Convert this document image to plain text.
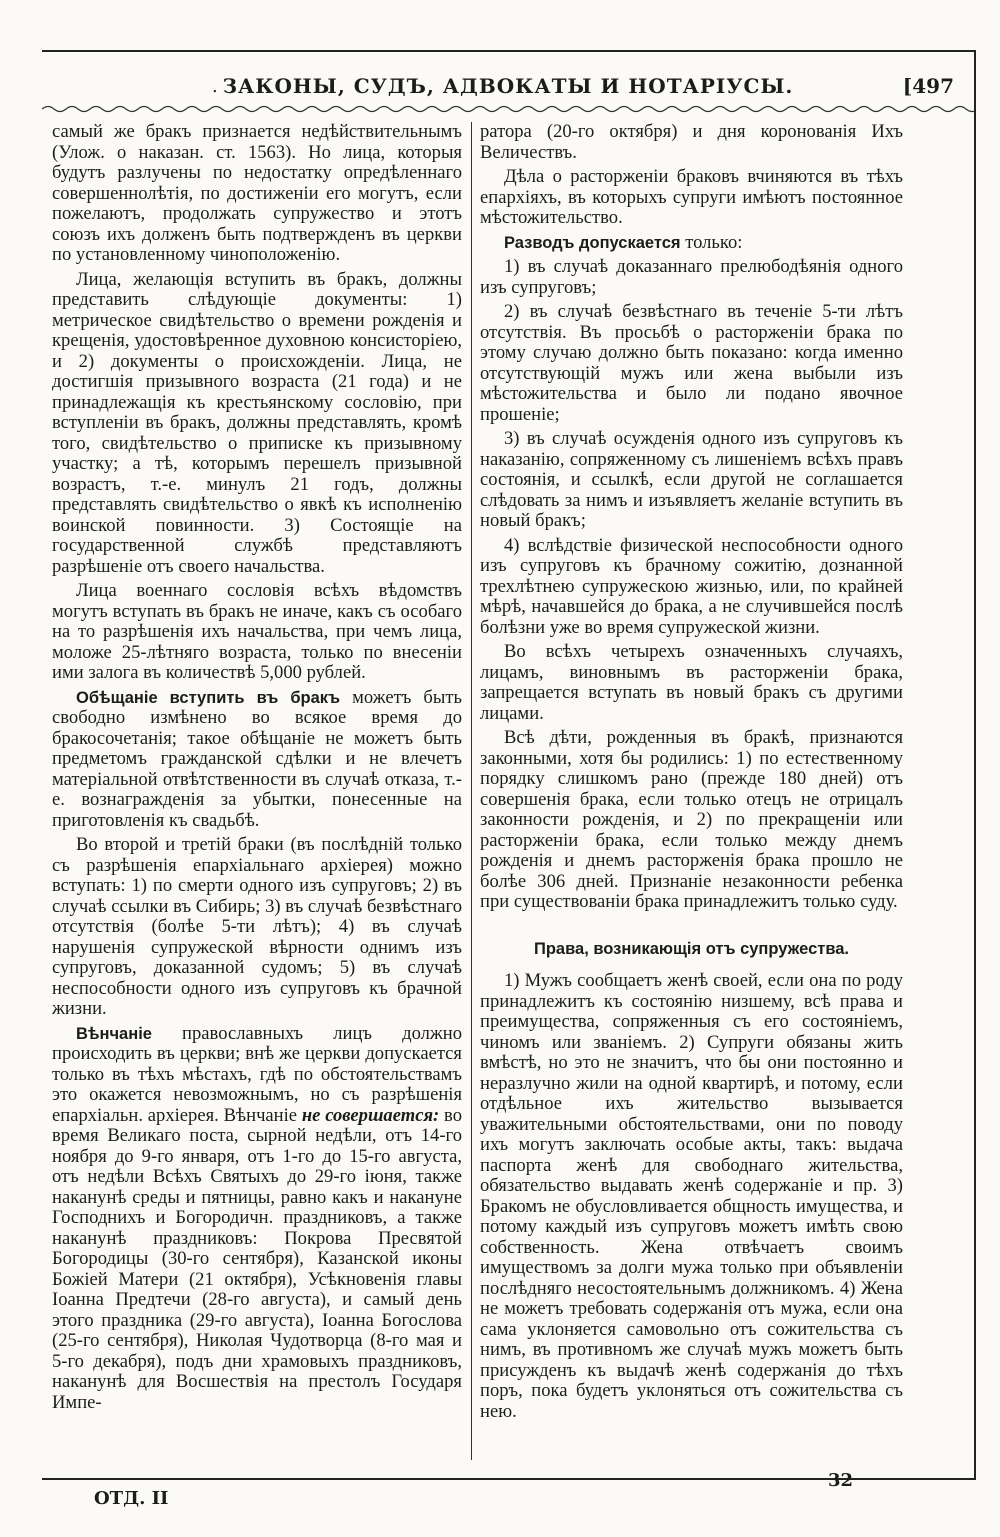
. ЗАКОНЫ, СУДЪ, АДВОКАТЫ И НОТАРІУСЫ.	[497

самый же бракъ признается недѣйствительнымъ (Улож. о наказан. ст. 1563). Но лица, которыя будутъ разлучены по недостатку опредѣленнаго совершеннолѣтія, по достиженіи его могутъ, если пожелаютъ, продолжать супружество и этотъ союзъ ихъ долженъ быть подтвержденъ въ церкви по установленному чиноположенію.

Лица, желающія вступить въ бракъ, должны представить слѣдующіе документы: 1) метрическое свидѣтельство о времени рожденія и крещенія, удостовѣренное духовною консисторіею, и 2) документы о происхожденіи. Лица, не достигшія призывного возраста (21 года) и не принадлежащія къ крестьянскому сословію, при вступленіи въ бракъ, должны представлять, кромѣ того, свидѣтельство о приписке къ призывному участку; а тѣ, которымъ перешелъ призывной возрастъ, т.-е. минулъ 21 годъ, должны представлять свидѣтельство о явкѣ къ исполненію воинской повинности. 3) Состоящіе на государственной службѣ представляютъ разрѣшеніе отъ своего начальства.

Лица военнаго сословія всѣхъ вѣдомствъ могутъ вступать въ бракъ не иначе, какъ съ особаго на то разрѣшенія ихъ начальства, при чемъ лица, моложе 25-лѣтняго возраста, только по внесеніи ими залога въ количествѣ 5,000 рублей.

Обѣщаніе вступить въ бракъ можетъ быть свободно измѣнено во всякое время до бракосочетанія; такое обѣщаніе не можетъ быть предметомъ гражданской сдѣлки и не влечетъ матеріальной отвѣтственности въ случаѣ отказа, т.-е. вознагражденія за убытки, понесенные на приготовленія къ свадьбѣ.

Во второй и третій браки (въ послѣдній только съ разрѣшенія епархіальнаго архіерея) можно вступать: 1) по смерти одного изъ супруговъ; 2) въ случаѣ ссылки въ Сибирь; 3) въ случаѣ безвѣстнаго отсутствія (болѣе 5-ти лѣтъ); 4) въ случаѣ нарушенія супружеской вѣрности однимъ изъ супруговъ, доказанной судомъ; 5) въ случаѣ неспособности одного изъ супруговъ къ брачной жизни.

Вѣнчаніе православныхъ лицъ должно происходить въ церкви; внѣ же церкви допускается только въ тѣхъ мѣстахъ, гдѣ по обстоятельствамъ это окажется невозможнымъ, но съ разрѣшенія епархіальн. архіерея. Вѣнчаніе не совершается: во время Великаго поста, сырной недѣли, отъ 14-го ноября до 9-го января, отъ 1-го до 15-го августа, отъ недѣли Всѣхъ Святыхъ до 29-го іюня, также наканунѣ среды и пятницы, равно какъ и накануне Господнихъ и Богородичн. праздниковъ, а также наканунѣ праздниковъ: Покрова Пресвятой Богородицы (30-го сентября), Казанской иконы Божіей Матери (21 октября), Усѣкновенія главы Іоанна Предтечи (28-го августа), и самый день этого праздника (29-го августа), Іоанна Богослова (25-го сентября), Николая Чудотворца (8-го мая и 5-го декабря), подъ дни храмовыхъ праздниковъ, наканунѣ для Восшествія на престолъ Государя Импе-

ратора (20-го октября) и дня коронованія Ихъ Величествъ.

Дѣла о расторженіи браковъ вчиняются въ тѣхъ епархіяхъ, въ которыхъ супруги имѣютъ постоянное мѣстожительство.

Разводъ допускается только:

1) въ случаѣ доказаннаго прелюбодѣянія одного изъ супруговъ;

2) въ случаѣ безвѣстнаго въ теченіе 5-ти лѣтъ отсутствія. Въ просьбѣ о расторженіи брака по этому случаю должно быть показано: когда именно отсутствующій мужъ или жена выбыли изъ мѣстожительства и было ли подано явочное прошеніе;

3) въ случаѣ осужденія одного изъ супруговъ къ наказанію, сопряженному съ лишеніемъ всѣхъ правъ состоянія, и ссылкѣ, если другой не соглашается слѣдовать за нимъ и изъявляетъ желаніе вступить въ новый бракъ;

4) вслѣдствіе физической неспособности одного изъ супруговъ къ брачному сожитію, дознанной трехлѣтнею супружескою жизнью, или, по крайней мѣрѣ, начавшейся до брака, а не случившейся послѣ болѣзни уже во время супружеской жизни.

Во всѣхъ четырехъ означенныхъ случаяхъ, лицамъ, виновнымъ въ расторженіи брака, запрещается вступать въ новый бракъ съ другими лицами.

Всѣ дѣти, рожденныя въ бракѣ, признаются законными, хотя бы родились: 1) по естественному порядку слишкомъ рано (прежде 180 дней) отъ совершенія брака, если только отецъ не отрицалъ законности рожденія, и 2) по прекращеніи или расторженіи брака, если только между днемъ рожденія и днемъ расторженія брака прошло не болѣе 306 дней. Признаніе незаконности ребенка при существованіи брака принадлежитъ только суду.

Права, возникающія отъ супружества.

1) Мужъ сообщаетъ женѣ своей, если она по роду принадлежитъ къ состоянію низшему, всѣ права и преимущества, сопряженныя съ его состояніемъ, чиномъ или званіемъ. 2) Супруги обязаны жить вмѣстѣ, но это не значитъ, что бы они постоянно и неразлучно жили на одной квартирѣ, и потому, если отдѣльное ихъ жительство вызывается уважительными обстоятельствами, они по поводу ихъ могутъ заключать особые акты, такъ: выдача паспорта женѣ для свободнаго жительства, обязательство выдавать женѣ содержаніе и пр. 3) Бракомъ не обусловливается общность имущества, и потому каждый изъ супруговъ можетъ имѣть свою собственность. Жена отвѣчаетъ своимъ имуществомъ за долги мужа только при объявленіи послѣдняго несостоятельнымъ должникомъ. 4) Жена не можетъ требовать содержанія отъ мужа, если она сама уклоняется самовольно отъ сожительства съ нимъ, въ противномъ же случаѣ мужъ можетъ быть присужденъ къ выдачѣ женѣ содержанія до тѣхъ поръ, пока будетъ уклоняться отъ сожительства съ нею.

ОТД. II
32
